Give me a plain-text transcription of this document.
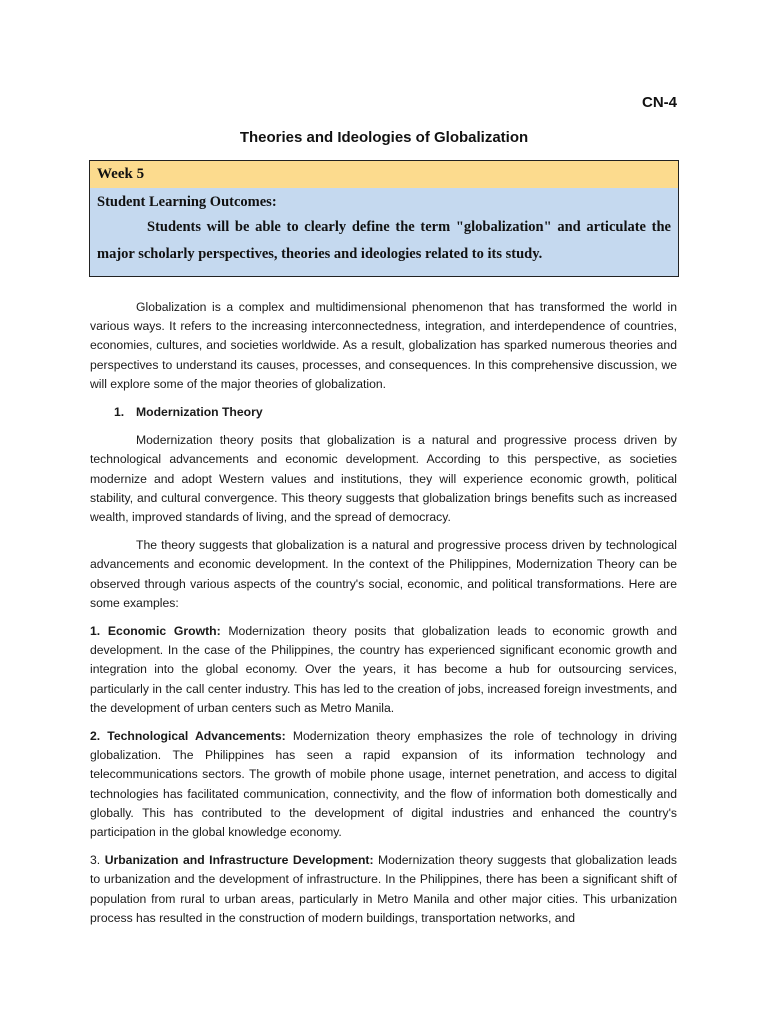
CN-4
Theories and Ideologies of Globalization
Week 5
Student Learning Outcomes:
Students will be able to clearly define the term "globalization" and articulate the major scholarly perspectives, theories and ideologies related to its study.

Globalization is a complex and multidimensional phenomenon that has transformed the world in various ways. It refers to the increasing interconnectedness, integration, and interdependence of countries, economies, cultures, and societies worldwide. As a result, globalization has sparked numerous theories and perspectives to understand its causes, processes, and consequences. In this comprehensive discussion, we will explore some of the major theories of globalization.

1. Modernization Theory

Modernization theory posits that globalization is a natural and progressive process driven by technological advancements and economic development. According to this perspective, as societies modernize and adopt Western values and institutions, they will experience economic growth, political stability, and cultural convergence. This theory suggests that globalization brings benefits such as increased wealth, improved standards of living, and the spread of democracy.

The theory suggests that globalization is a natural and progressive process driven by technological advancements and economic development. In the context of the Philippines, Modernization Theory can be observed through various aspects of the country's social, economic, and political transformations. Here are some examples:

1. Economic Growth: Modernization theory posits that globalization leads to economic growth and development. In the case of the Philippines, the country has experienced significant economic growth and integration into the global economy. Over the years, it has become a hub for outsourcing services, particularly in the call center industry. This has led to the creation of jobs, increased foreign investments, and the development of urban centers such as Metro Manila.

2. Technological Advancements: Modernization theory emphasizes the role of technology in driving globalization. The Philippines has seen a rapid expansion of its information technology and telecommunications sectors. The growth of mobile phone usage, internet penetration, and access to digital technologies has facilitated communication, connectivity, and the flow of information both domestically and globally. This has contributed to the development of digital industries and enhanced the country's participation in the global knowledge economy.

3. Urbanization and Infrastructure Development: Modernization theory suggests that globalization leads to urbanization and the development of infrastructure. In the Philippines, there has been a significant shift of population from rural to urban areas, particularly in Metro Manila and other major cities. This urbanization process has resulted in the construction of modern buildings, transportation networks, and
